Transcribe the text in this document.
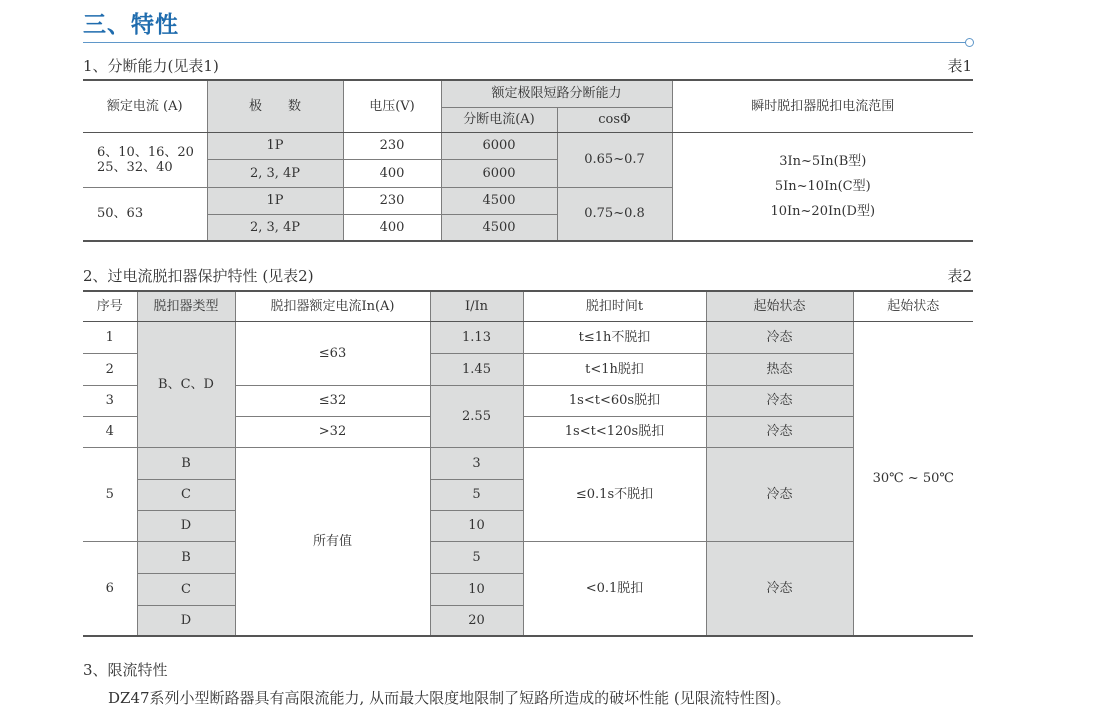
三、特性
1、分断能力(见表1)	表1
额定电流 (A)	极　　数	电压(V)	额定极限短路分断能力		瞬时脱扣器脱扣电流范围
			分断电流(A)	cosΦ	
6、10、16、20 25、32、40	1P	230	6000	0.65~0.7	3In~5In(B型)
5In~10In(C型)
10In~20In(D型)

	2, 3, 4P	400	6000		
50、63	1P	230	4500	0.75~0.8	
	2, 3, 4P	400	4500		
2、过电流脱扣器保护特性 (见表2)	表2
序号	脱扣器类型	脱扣器额定电流In(A)	I/In	脱扣时间t	起始状态	起始状态
1	B、C、D	≤63	1.13	t≤1h不脱扣	冷态	30℃ ~ 50℃
2			1.45	t<1h脱扣	热态	
3		≤32	2.55	1s<t<60s脱扣	冷态	
4		>32		1s<t<120s脱扣	冷态	
5	B	所有值	3	≤0.1s不脱扣	冷态	
	C		5			
	D		10			
6	B		5	<0.1脱扣	冷态	
	C		10			
	D		20			
3、限流特性
DZ47系列小型断路器具有高限流能力, 从而最大限度地限制了短路所造成的破坏性能 (见限流特性图)。
